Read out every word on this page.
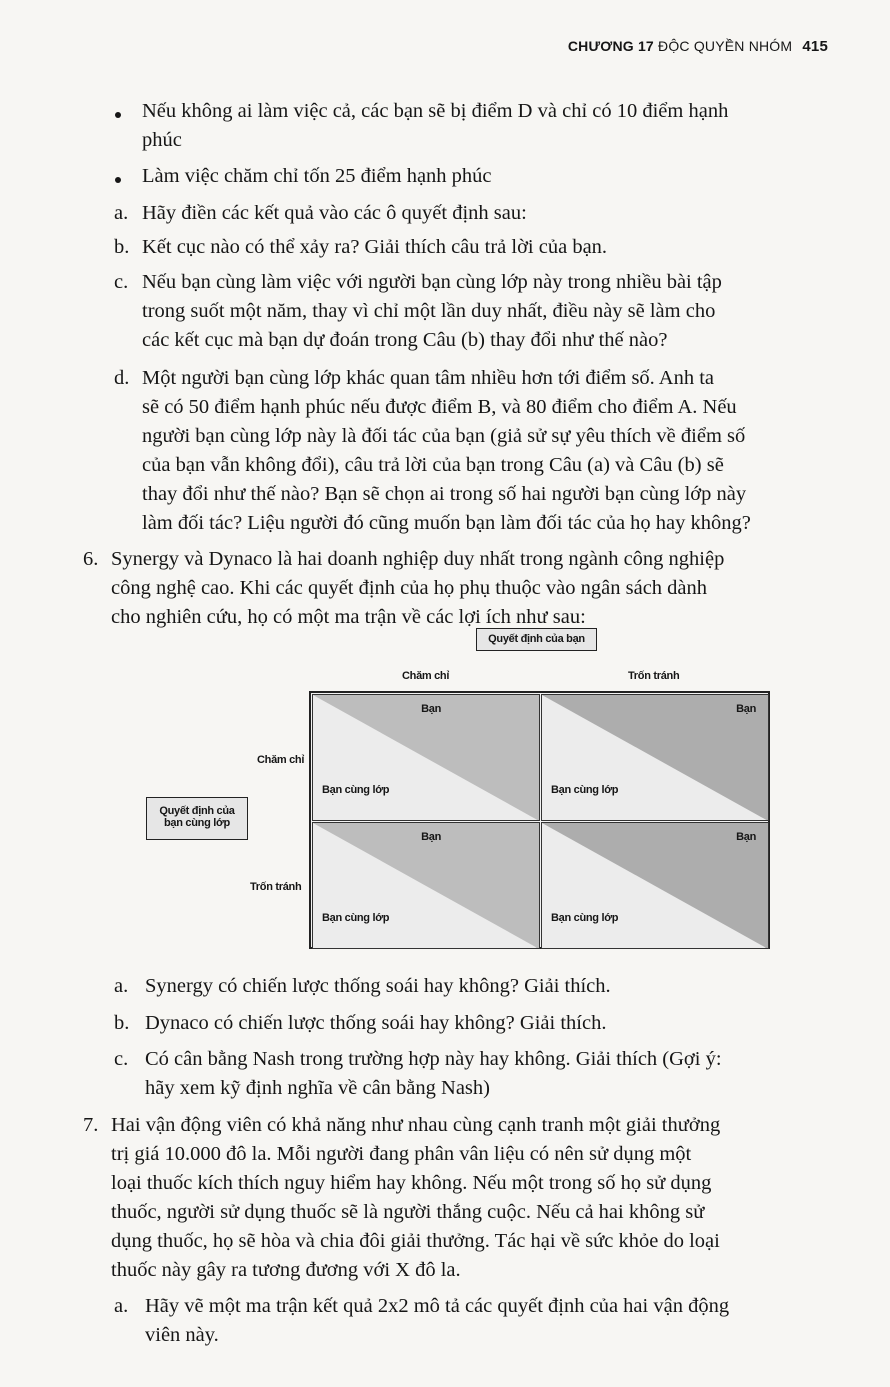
CHƯƠNG 17 ĐỘC QUYỀN NHÓM 415
Nếu không ai làm việc cả, các bạn sẽ bị điểm D và chỉ có 10 điểm hạnh
phúc
Làm việc chăm chỉ tốn 25 điểm hạnh phúc
a. Hãy điền các kết quả vào các ô quyết định sau:
b. Kết cục nào có thể xảy ra? Giải thích câu trả lời của bạn.
c. Nếu bạn cùng làm việc với người bạn cùng lớp này trong nhiều bài tập
trong suốt một năm, thay vì chỉ một lần duy nhất, điều này sẽ làm cho
các kết cục mà bạn dự đoán trong Câu (b) thay đổi như thế nào?
d. Một người bạn cùng lớp khác quan tâm nhiều hơn tới điểm số. Anh ta
sẽ có 50 điểm hạnh phúc nếu được điểm B, và 80 điểm cho điểm A. Nếu
người bạn cùng lớp này là đối tác của bạn (giả sử sự yêu thích về điểm số
của bạn vẫn không đổi), câu trả lời của bạn trong Câu (a) và Câu (b) sẽ
thay đổi như thế nào? Bạn sẽ chọn ai trong số hai người bạn cùng lớp này
làm đối tác? Liệu người đó cũng muốn bạn làm đối tác của họ hay không?
6. Synergy và Dynaco là hai doanh nghiệp duy nhất trong ngành công nghiệp
công nghệ cao. Khi các quyết định của họ phụ thuộc vào ngân sách dành
cho nghiên cứu, họ có một ma trận về các lợi ích như sau:
Quyết định của bạn
Chăm chỉ	Trốn tránh
Chăm chỉ
Trốn tránh
Quyết định của
bạn cùng lớp
Bạn
Bạn cùng lớp
Bạn
Bạn cùng lớp
Bạn
Bạn cùng lớp
Bạn
Bạn cùng lớp
a. Synergy có chiến lược thống soái hay không? Giải thích.
b. Dynaco có chiến lược thống soái hay không? Giải thích.
c. Có cân bằng Nash trong trường hợp này hay không. Giải thích (Gợi ý:
hãy xem kỹ định nghĩa về cân bằng Nash)
7. Hai vận động viên có khả năng như nhau cùng cạnh tranh một giải thưởng
trị giá 10.000 đô la. Mỗi người đang phân vân liệu có nên sử dụng một
loại thuốc kích thích nguy hiểm hay không. Nếu một trong số họ sử dụng
thuốc, người sử dụng thuốc sẽ là người thắng cuộc. Nếu cả hai không sử
dụng thuốc, họ sẽ hòa và chia đôi giải thưởng. Tác hại về sức khỏe do loại
thuốc này gây ra tương đương với X đô la.
a. Hãy vẽ một ma trận kết quả 2x2 mô tả các quyết định của hai vận động
viên này.
